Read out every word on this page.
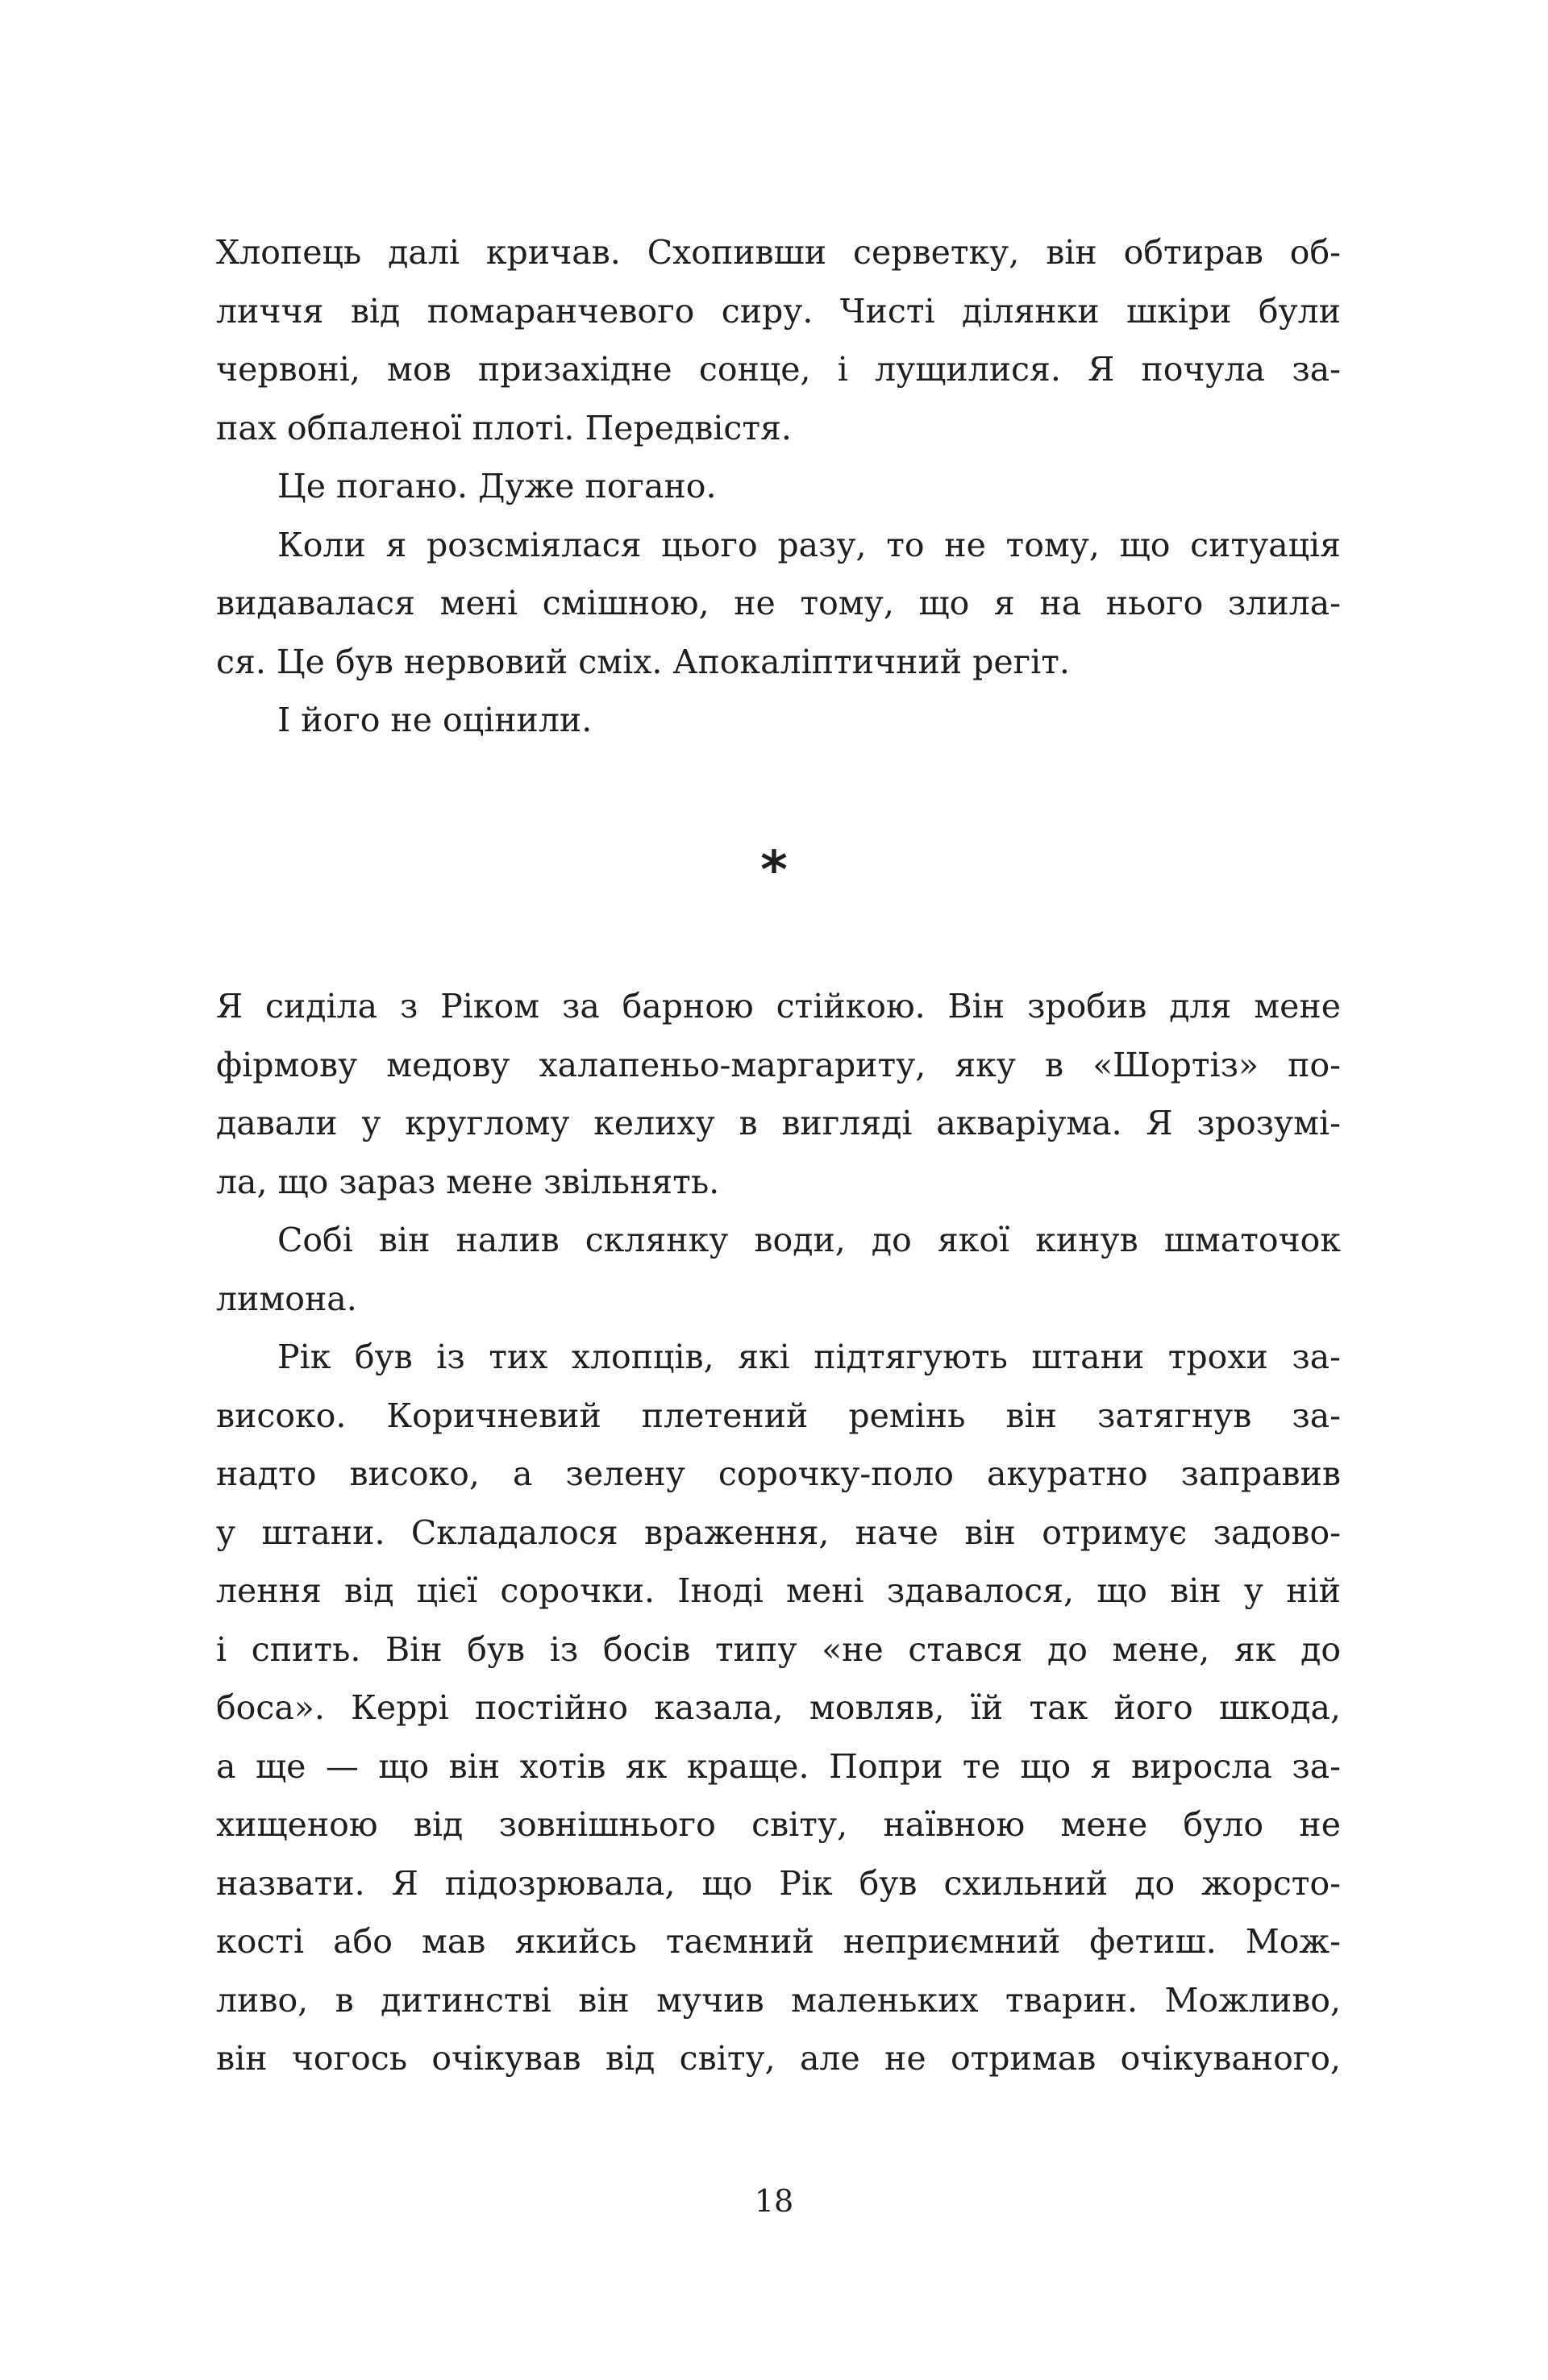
Хлопець далі кричав. Схопивши серветку, він обтирав об-
личчя від помаранчевого сиру. Чисті ділянки шкіри були
червоні, мов призахідне сонце, і лущилися. Я почула за-
пах обпаленої плоті. Передвістя.
Це погано. Дуже погано.
Коли я розсміялася цього разу, то не тому, що ситуація
видавалася мені смішною, не тому, що я на нього злила-
ся. Це був нервовий сміх. Апокаліптичний регіт.
І його не оцінили.
*
Я сиділа з Ріком за барною стійкою. Він зробив для мене
фірмову медову халапеньо-маргариту, яку в «Шортіз» по-
давали у круглому келиху в вигляді акваріума. Я зрозумі-
ла, що зараз мене звільнять.
Собі він налив склянку води, до якої кинув шматочок
лимона.
Рік був із тих хлопців, які підтягують штани трохи за-
високо. Коричневий плетений ремінь він затягнув за-
надто високо, а зелену сорочку-поло акуратно заправив
у штани. Складалося враження, наче він отримує задово-
лення від цієї сорочки. Іноді мені здавалося, що він у ній
і спить. Він був із босів типу «не стався до мене, як до
боса». Керрі постійно казала, мовляв, їй так його шкода,
а ще — що він хотів як краще. Попри те що я виросла за-
хищеною від зовнішнього світу, наївною мене було не
назвати. Я підозрювала, що Рік був схильний до жорсто-
кості або мав якийсь таємний неприємний фетиш. Мож-
ливо, в дитинстві він мучив маленьких тварин. Можливо,
він чогось очікував від світу, але не отримав очікуваного,
18
